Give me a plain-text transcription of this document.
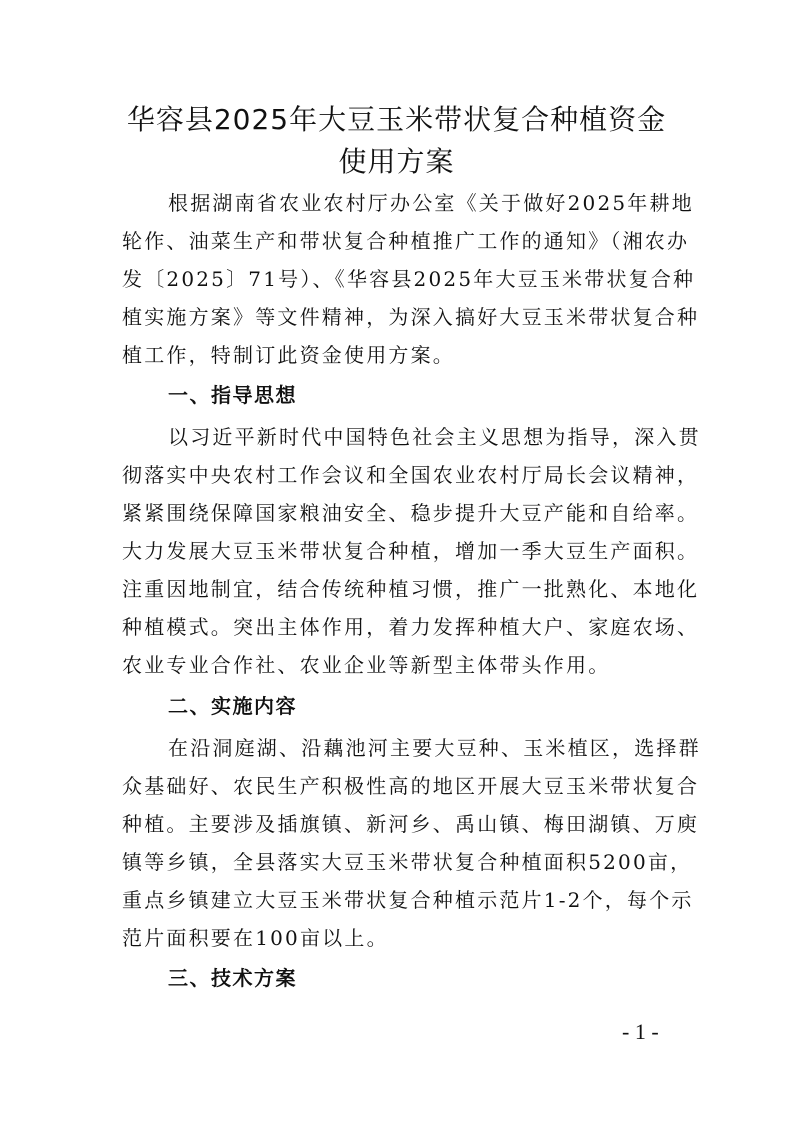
华容县2025年大豆玉米带状复合种植资金
使用方案
根据湖南省农业农村厅办公室《关于做好2025年耕地
轮作、油菜生产和带状复合种植推广工作的通知》（湘农办
发〔2025〕71号）、《华容县2025年大豆玉米带状复合种
植实施方案》等文件精神，为深入搞好大豆玉米带状复合种
植工作，特制订此资金使用方案。
一、指导思想
以习近平新时代中国特色社会主义思想为指导，深入贯
彻落实中央农村工作会议和全国农业农村厅局长会议精神，
紧紧围绕保障国家粮油安全、稳步提升大豆产能和自给率。
大力发展大豆玉米带状复合种植，增加一季大豆生产面积。
注重因地制宜，结合传统种植习惯，推广一批熟化、本地化
种植模式。突出主体作用，着力发挥种植大户、家庭农场、
农业专业合作社、农业企业等新型主体带头作用。
二、实施内容
在沿洞庭湖、沿藕池河主要大豆种、玉米植区，选择群
众基础好、农民生产积极性高的地区开展大豆玉米带状复合
种植。主要涉及插旗镇、新河乡、禹山镇、梅田湖镇、万庾
镇等乡镇，全县落实大豆玉米带状复合种植面积5200亩，
重点乡镇建立大豆玉米带状复合种植示范片1-2个，每个示
范片面积要在100亩以上。
三、技术方案
- 1 -
